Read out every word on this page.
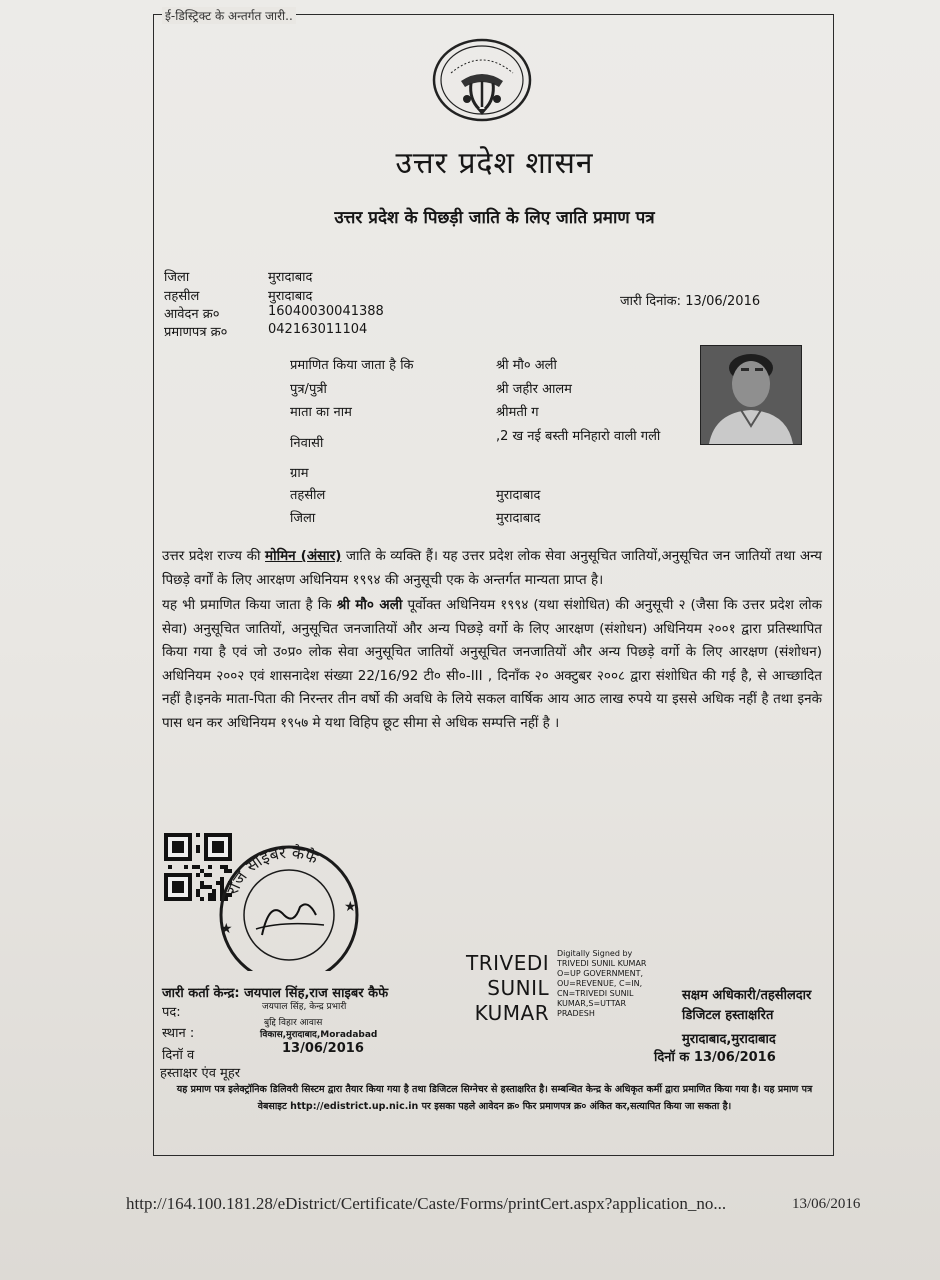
ई-डिस्ट्रिक्ट के अन्तर्गत जारी..
उत्तर प्रदेश शासन
उत्तर प्रदेश के पिछड़ी जाति के लिए जाति प्रमाण पत्र
जिला	मुरादाबाद
तहसील	मुरादाबाद
आवेदन क्र०	16040030041388
प्रमाणपत्र क्र०	042163011104
जारी दिनांक: 13/06/2016
प्रमाणित किया जाता है कि	श्री मौ० अली
पुत्र/पुत्री	श्री जहीर आलम
माता का नाम	श्रीमती ग
निवासी	,2 ख नई बस्ती मनिहारो वाली गली
ग्राम
तहसील	मुरादाबाद
जिला	मुरादाबाद

उत्तर प्रदेश राज्य की मोमिन (अंसार) जाति के व्यक्ति हैं। यह उत्तर प्रदेश लोक सेवा अनुसूचित जातियों,अनुसूचित जन जातियों तथा अन्य पिछड़े वर्गों के लिए आरक्षण अधिनियम १९९४ की अनुसूची एक के अन्तर्गत मान्यता प्राप्त है।

यह भी प्रमाणित किया जाता है कि श्री मौ० अली पूर्वोक्त अधिनियम १९९४ (यथा संशोधित) की अनुसूची २ (जैसा कि उत्तर प्रदेश लोक सेवा) अनुसूचित जातियों, अनुसूचित जनजातियों और अन्य पिछड़े वर्गो के लिए आरक्षण (संशोधन) अधिनियम २००१ द्वारा प्रतिस्थापित किया गया है एवं जो उ०प्र० लोक सेवा अनुसूचित जातियों अनुसूचित जनजातियों और अन्य पिछड़े वर्गो के लिए आरक्षण (संशोधन) अधिनियम २००२ एवं शासनादेश संख्या 22/16/92 टी० सी०-III , दिनाँक २० अक्टुबर २००८ द्वारा संशोधित की गई है, से आच्छादित नहीं है।इनके माता-पिता की निरन्तर तीन वर्षो की अवधि के लिये सकल वार्षिक आय आठ लाख रुपये या इससे अधिक नहीं है तथा इनके पास धन कर अधिनियम १९५७ मे यथा विहिप छूट सीमा से अधिक सम्पत्ति नहीं है ।

राज साइबर कैफे
★
★
जारी कर्ता केन्द्र: जयपाल सिंह,राज साइबर कैफे
पद:	जयपाल सिंह, केन्द्र प्रभारी
स्थान :
बुद्दि विहार आवास
विकास,मुरादाबाद,Moradabad
दिनॉ व	13/06/2016
हस्ताक्षर एंव मूहर
TRIVEDI
SUNIL
KUMAR
Digitally Signed by TRIVEDI SUNIL KUMAR O=UP GOVERNMENT, OU=REVENUE, C=IN, CN=TRIVEDI SUNIL KUMAR,S=UTTAR PRADESH
सक्षम अधिकारी/तहसीलदार
डिजिटल हस्ताक्षरित
मुरादाबाद,मुरादाबाद
दिनॉ क 13/06/2016
यह प्रमाण पत्र इलेक्ट्रॉनिक डिलिवरी सिस्टम द्वारा तैयार किया गया है तथा डिजिटल सिग्नेचर से हस्ताक्षरित है। सम्बन्धित केन्द्र के अधिकृत कर्मी द्वारा प्रमाणित किया गया है। यह प्रमाण पत्र वेबसाइट http://edistrict.up.nic.in पर इसका पहले आवेदन क्र० फिर प्रमाणपत्र क्र० अंकित कर,सत्यापित किया जा सकता है।
http://164.100.181.28/eDistrict/Certificate/Caste/Forms/printCert.aspx?application_no...	13/06/2016
